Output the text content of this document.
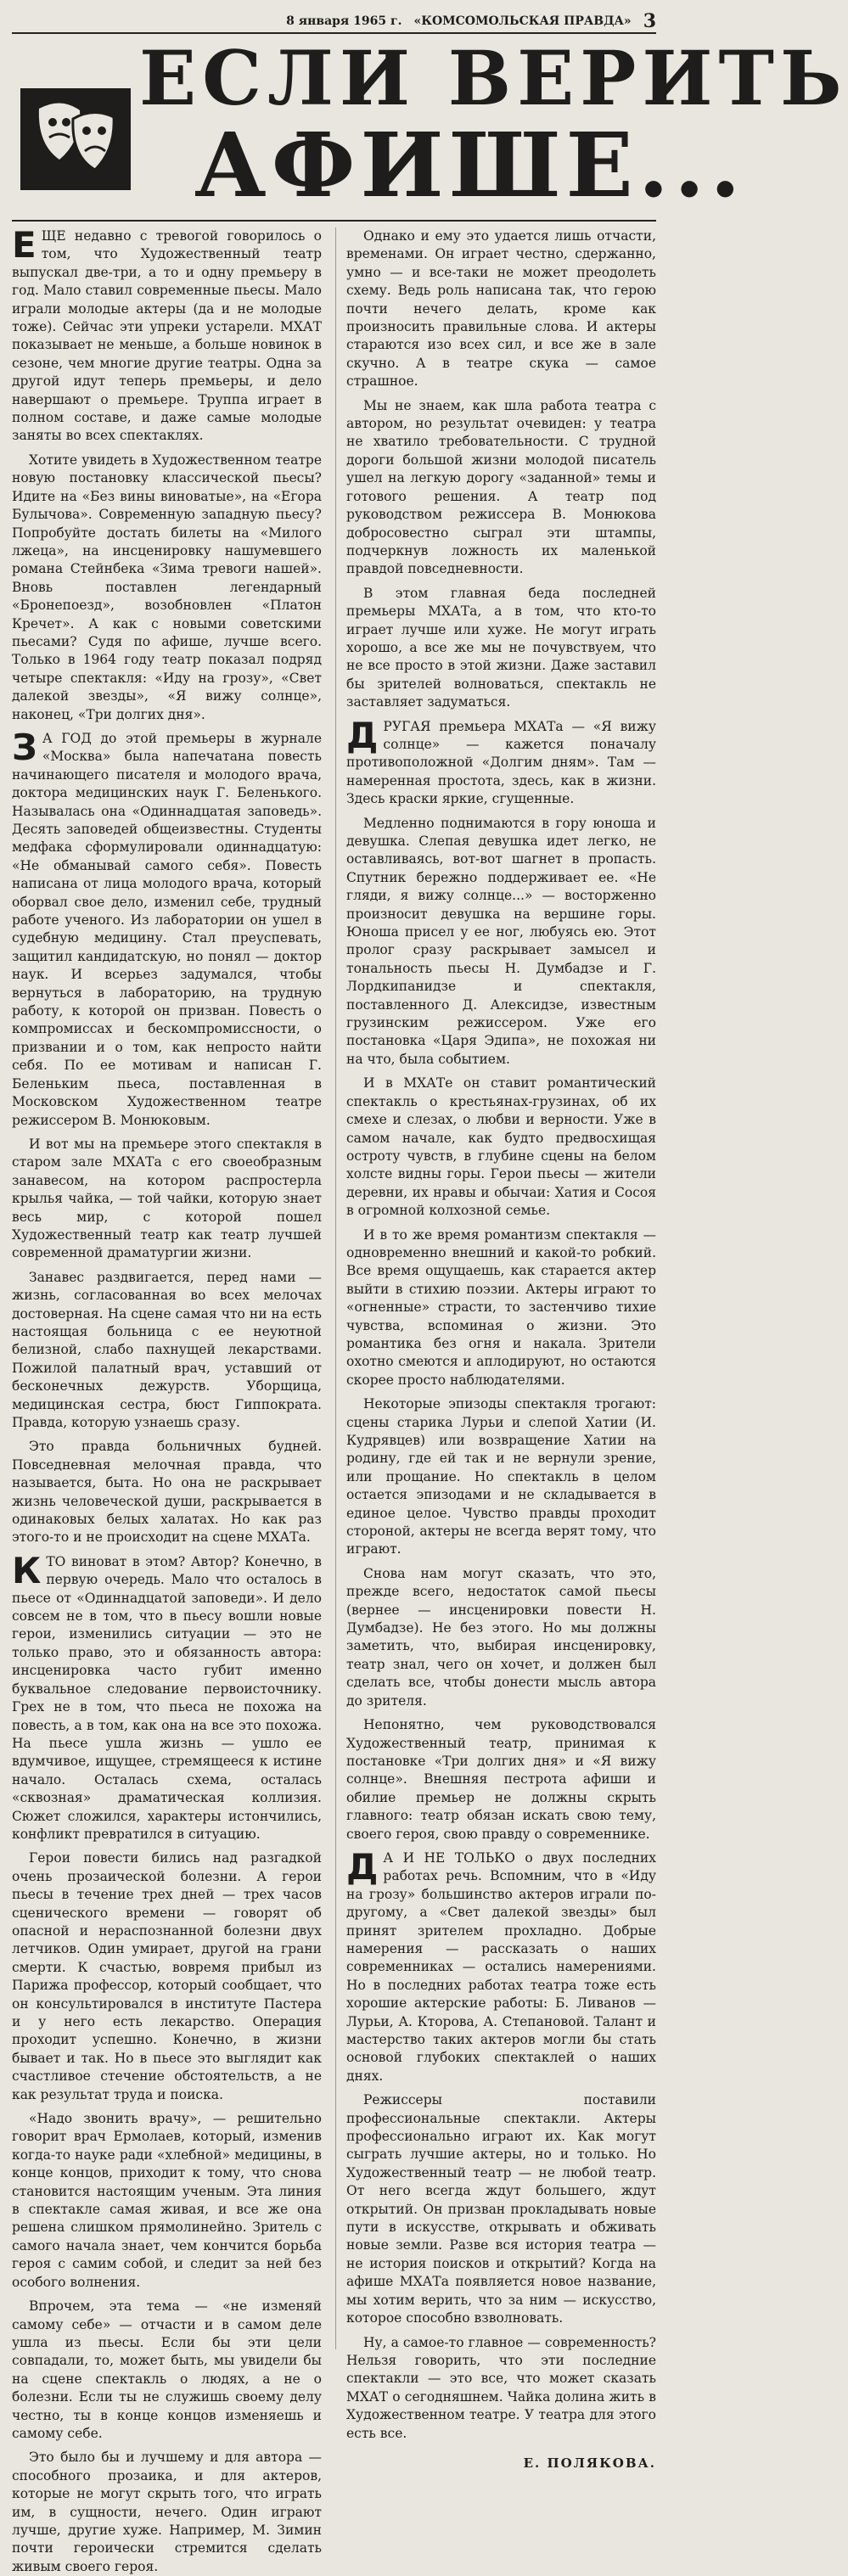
8 января 1965 г. «КОМСОМОЛЬСКАЯ ПРАВДА» 3
ЕСЛИ ВЕРИТЬ
АФИШЕ...

ЕЩЕ недавно с тревогой говорилось о том, что Художественный театр выпускал две-три, а то и одну премьеру в год. Мало ставил современные пьесы. Мало играли молодые актеры (да и не молодые тоже). Сейчас эти упреки устарели. МХАТ показывает не меньше, а больше новинок в сезоне, чем многие другие театры. Одна за другой идут теперь премьеры, и дело навершают о премьере. Труппа играет в полном составе, и даже самые молодые заняты во всех спектаклях.

Хотите увидеть в Художественном театре новую постановку классической пьесы? Идите на «Без вины виноватые», на «Егора Булычова». Современную западную пьесу? Попробуйте достать билеты на «Милого лжеца», на инсценировку нашумевшего романа Стейнбека «Зима тревоги нашей». Вновь поставлен легендарный «Бронепоезд», возобновлен «Платон Кречет». А как с новыми советскими пьесами? Судя по афише, лучше всего. Только в 1964 году театр показал подряд четыре спектакля: «Иду на грозу», «Свет далекой звезды», «Я вижу солнце», наконец, «Три долгих дня».

З А ГОД до этой премьеры в журнале «Москва» была напечатана повесть начинающего писателя и молодого врача, доктора медицинских наук Г. Беленького. Называлась она «Одиннадцатая заповедь». Десять заповедей общеизвестны. Студенты медфака сформулировали одиннадцатую: «Не обманывай самого себя». Повесть написана от лица молодого врача, который оборвал свое дело, изменил себе, трудный работе ученого. Из лаборатории он ушел в судебную медицину. Стал преуспевать, защитил кандидатскую, но понял — доктор наук. И всерьез задумался, чтобы вернуться в лабораторию, на трудную работу, к которой он призван. Повесть о компромиссах и бескомпромиссности, о призвании и о том, как непросто найти себя. По ее мотивам и написан Г. Беленьким пьеса, поставленная в Московском Художественном театре режиссером В. Монюковым.

И вот мы на премьере этого спектакля в старом зале МХАТа с его своеобразным занавесом, на котором распростерла крылья чайка, — той чайки, которую знает весь мир, с которой пошел Художественный театр как театр лучшей современной драматургии жизни.

Занавес раздвигается, перед нами — жизнь, согласованная во всех мелочах достоверная. На сцене самая что ни на есть настоящая больница с ее неуютной белизной, слабо пахнущей лекарствами. Пожилой палатный врач, уставший от бесконечных дежурств. Уборщица, медицинская сестра, бюст Гиппократа. Правда, которую узнаешь сразу.

Это правда больничных будней. Повседневная мелочная правда, что называется, быта. Но она не раскрывает жизнь человеческой души, раскрывается в одинаковых белых халатах. Но как раз этого-то и не происходит на сцене МХАТа.

КТО виноват в этом? Автор? Конечно, в первую очередь. Мало что осталось в пьесе от «Одиннадцатой заповеди». И дело совсем не в том, что в пьесу вошли новые герои, изменились ситуации — это не только право, это и обязанность автора: инсценировка часто губит именно буквальное следование первоисточнику. Грех не в том, что пьеса не похожа на повесть, а в том, как она на все это похожа. На пьесе ушла жизнь — ушло ее вдумчивое, ищущее, стремящееся к истине начало. Осталась схема, осталась «сквозная» драматическая коллизия. Сюжет сложился, характеры истончились, конфликт превратился в ситуацию.

Герои повести бились над разгадкой очень прозаической болезни. А герои пьесы в течение трех дней — трех часов сценического времени — говорят об опасной и нераспознанной болезни двух летчиков. Один умирает, другой на грани смерти. К счастью, вовремя прибыл из Парижа профессор, который сообщает, что он консультировался в институте Пастера и у него есть лекарство. Операция проходит успешно. Конечно, в жизни бывает и так. Но в пьесе это выглядит как счастливое стечение обстоятельств, а не как результат труда и поиска.

«Надо звонить врачу», — решительно говорит врач Ермолаев, который, изменив когда-то науке ради «хлебной» медицины, в конце концов, приходит к тому, что снова становится настоящим ученым. Эта линия в спектакле самая живая, и все же она решена слишком прямолинейно. Зритель с самого начала знает, чем кончится борьба героя с самим собой, и следит за ней без особого волнения.

Впрочем, эта тема — «не изменяй самому себе» — отчасти и в самом деле ушла из пьесы. Если бы эти цели совпадали, то, может быть, мы увидели бы на сцене спектакль о людях, а не о болезни. Если ты не служишь своему делу честно, ты в конце концов изменяешь и самому себе.

Это было бы и лучшему и для автора — способного прозаика, и для актеров, которые не могут скрыть того, что играть им, в сущности, нечего. Один играют лучше, другие хуже. Например, М. Зимин почти героически стремится сделать живым своего героя.

Однако и ему это удается лишь отчасти, временами. Он играет честно, сдержанно, умно — и все-таки не может преодолеть схему. Ведь роль написана так, что герою почти нечего делать, кроме как произносить правильные слова. И актеры стараются изо всех сил, и все же в зале скучно. А в театре скука — самое страшное.

Мы не знаем, как шла работа театра с автором, но результат очевиден: у театра не хватило требовательности. С трудной дороги большой жизни молодой писатель ушел на легкую дорогу «заданной» темы и готового решения. А театр под руководством режиссера В. Монюкова добросовестно сыграл эти штампы, подчеркнув ложность их маленькой правдой повседневности.

В этом главная беда последней премьеры МХАТа, а в том, что кто-то играет лучше или хуже. Не могут играть хорошо, а все же мы не почувствуем, что не все просто в этой жизни. Даже заставил бы зрителей волноваться, спектакль не заставляет задуматься.

ДРУГАЯ премьера МХАТа — «Я вижу солнце» — кажется поначалу противоположной «Долгим дням». Там — намеренная простота, здесь, как в жизни. Здесь краски яркие, сгущенные.

Медленно поднимаются в гору юноша и девушка. Слепая девушка идет легко, не оставливаясь, вот-вот шагнет в пропасть. Спутник бережно поддерживает ее. «Не гляди, я вижу солнце...» — восторженно произносит девушка на вершине горы. Юноша присел у ее ног, любуясь ею. Этот пролог сразу раскрывает замысел и тональность пьесы Н. Думбадзе и Г. Лордкипанидзе и спектакля, поставленного Д. Алексидзе, известным грузинским режиссером. Уже его постановка «Царя Эдипа», не похожая ни на что, была событием.

И в МХАТе он ставит романтический спектакль о крестьянах-грузинах, об их смехе и слезах, о любви и верности. Уже в самом начале, как будто предвосхищая остроту чувств, в глубине сцены на белом холсте видны горы. Герои пьесы — жители деревни, их нравы и обычаи: Хатия и Сосоя в огромной колхозной семье.

И в то же время романтизм спектакля — одновременно внешний и какой-то робкий. Все время ощущаешь, как старается актер выйти в стихию поэзии. Актеры играют то «огненные» страсти, то застенчиво тихие чувства, вспоминая о жизни. Это романтика без огня и накала. Зрители охотно смеются и аплодируют, но остаются скорее просто наблюдателями.

Некоторые эпизоды спектакля трогают: сцены старика Лурьи и слепой Хатии (И. Кудрявцев) или возвращение Хатии на родину, где ей так и не вернули зрение, или прощание. Но спектакль в целом остается эпизодами и не складывается в единое целое. Чувство правды проходит стороной, актеры не всегда верят тому, что играют.

Снова нам могут сказать, что это, прежде всего, недостаток самой пьесы (вернее — инсценировки повести Н. Думбадзе). Не без этого. Но мы должны заметить, что, выбирая инсценировку, театр знал, чего он хочет, и должен был сделать все, чтобы донести мысль автора до зрителя.

Непонятно, чем руководствовался Художественный театр, принимая к постановке «Три долгих дня» и «Я вижу солнце». Внешняя пестрота афиши и обилие премьер не должны скрыть главного: театр обязан искать свою тему, своего героя, свою правду о современнике.

Д А И НЕ ТОЛЬКО о двух последних работах речь. Вспомним, что в «Иду на грозу» большинство актеров играли по-другому, а «Свет далекой звезды» был принят зрителем прохладно. Добрые намерения — рассказать о наших современниках — остались намерениями. Но в последних работах театра тоже есть хорошие актерские работы: Б. Ливанов — Лурьи, А. Кторова, А. Степановой. Талант и мастерство таких актеров могли бы стать основой глубоких спектаклей о наших днях.

Режиссеры поставили профессиональные спектакли. Актеры профессионально играют их. Как могут сыграть лучшие актеры, но и только. Но Художественный театр — не любой театр. От него всегда ждут большего, ждут открытий. Он призван прокладывать новые пути в искусстве, открывать и обживать новые земли. Разве вся история театра — не история поисков и открытий? Когда на афише МХАТа появляется новое название, мы хотим верить, что за ним — искусство, которое способно взволновать.

Ну, а самое-то главное — современность? Нельзя говорить, что эти последние спектакли — это все, что может сказать МХАТ о сегодняшнем. Чайка долина жить в Художественном театре. У театра для этого есть все.

Е. ПОЛЯКОВА.
